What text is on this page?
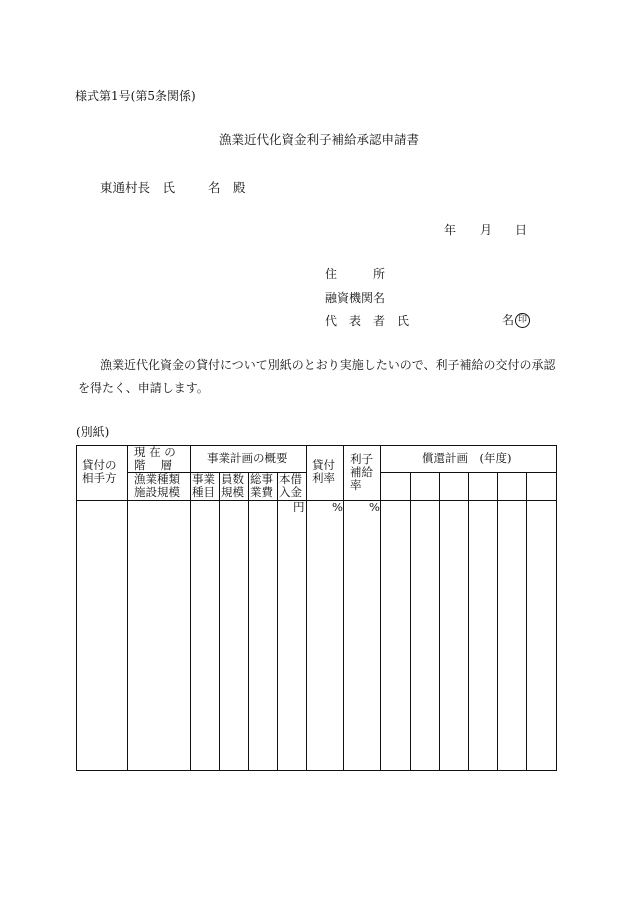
様式第1号(第5条関係)
漁業近代化資金利子補給承認申請書
東通村長　氏	名　殿
年 月 日
住　　　所
融資機関名
代　表　者　氏	名 印
漁業近代化資金の貸付について別紙のとおり実施したいので、利子補給の交付の承認
を得たく、申請します。
(別紙)
貸付の
相手方
現 在 の
階　 層
漁業種類
施設規模
事業計画の概要
事業
種目
員数
規模
総事
業費
本借
入金
貸付
利率
利子
補給
率
償還計画　(年度)
円 % %
